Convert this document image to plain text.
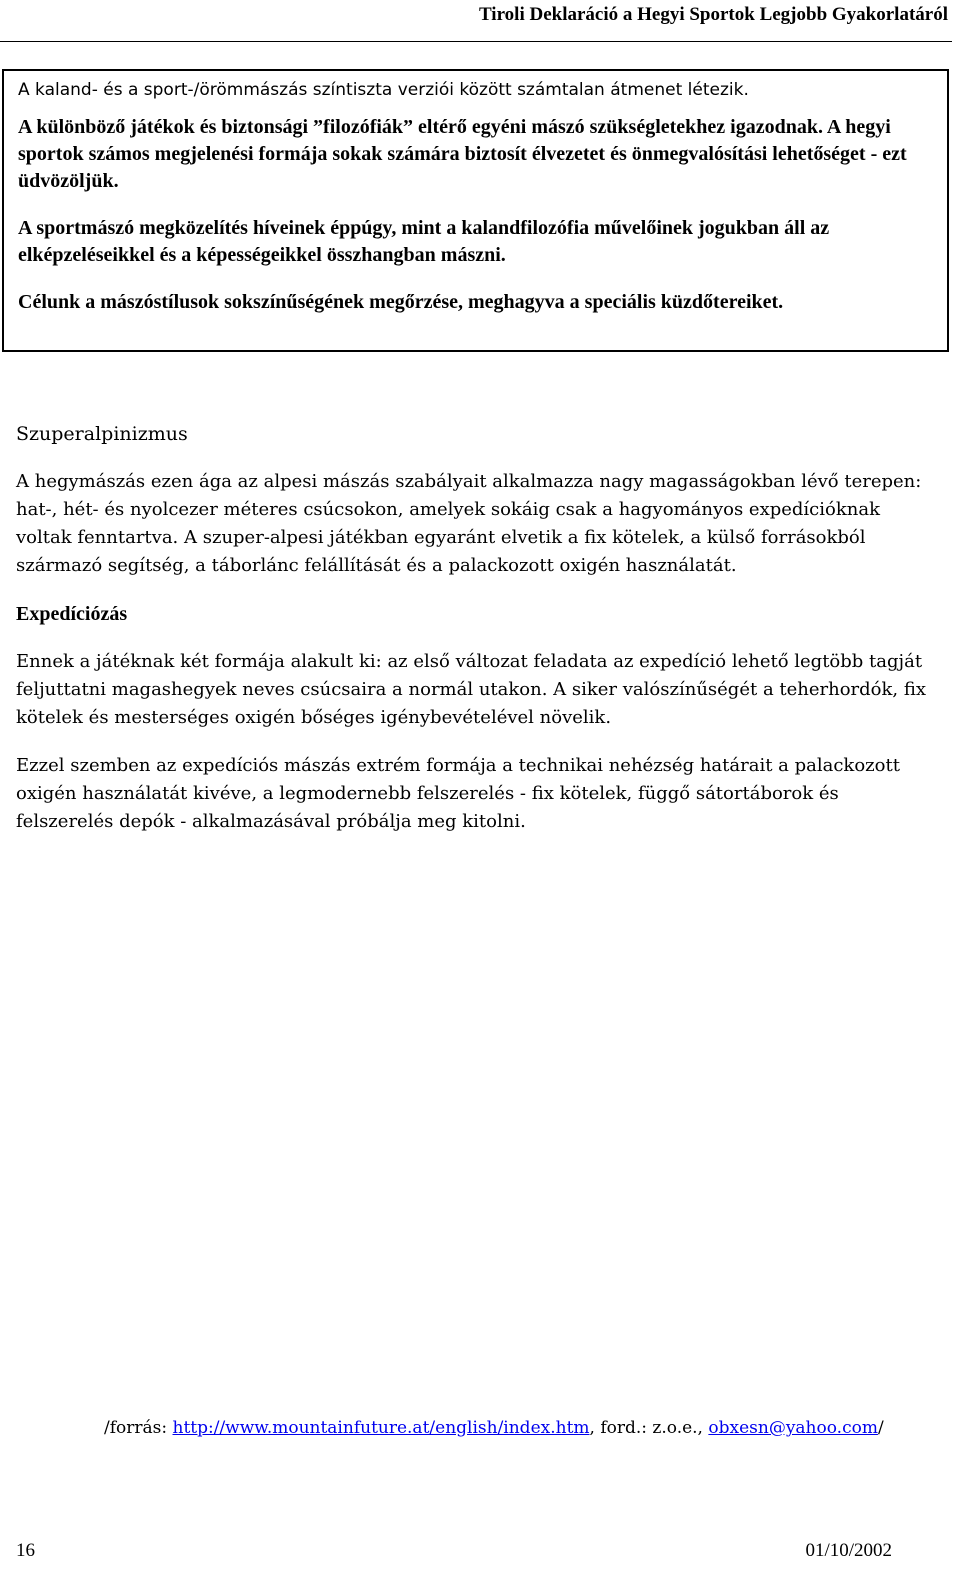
Tiroli Deklaráció a Hegyi Sportok Legjobb Gyakorlatáról

A kaland- és a sport-/örömmászás színtiszta verziói között számtalan átmenet létezik.

A különböző játékok és biztonsági ”filozófiák” eltérő egyéni mászó szükségletekhez igazodnak. A hegyi sportok számos megjelenési formája sokak számára biztosít élvezetet és önmegvalósítási lehetőséget - ezt üdvözöljük.

A sportmászó megközelítés híveinek éppúgy, mint a kalandfilozófia művelőinek jogukban áll az elképzeléseikkel és a képességeikkel összhangban mászni.

Célunk a mászóstílusok sokszínűségének megőrzése, meghagyva a speciális küzdőtereiket.

Szuperalpinizmus

A hegymászás ezen ága az alpesi mászás szabályait alkalmazza nagy magasságokban lévő terepen: hat-, hét- és nyolcezer méteres csúcsokon, amelyek sokáig csak a hagyományos expedícióknak voltak fenntartva. A szuper-alpesi játékban egyaránt elvetik a fix kötelek, a külső forrásokból származó segítség, a táborlánc felállítását és a palackozott oxigén használatát.

Expedíciózás

Ennek a játéknak két formája alakult ki: az első változat feladata az expedíció lehető legtöbb tagját feljuttatni magashegyek neves csúcsaira a normál utakon. A siker valószínűségét a teherhordók, fix kötelek és mesterséges oxigén bőséges igénybevételével növelik.

Ezzel szemben az expedíciós mászás extrém formája a technikai nehézség határait a palackozott oxigén használatát kivéve, a legmodernebb felszerelés - fix kötelek, függő sátortáborok és felszerelés depók - alkalmazásával próbálja meg kitolni.

/forrás: http://www.mountainfuture.at/english/index.htm, ford.: z.o.e., obxesn@yahoo.com/
16	01/10/2002
